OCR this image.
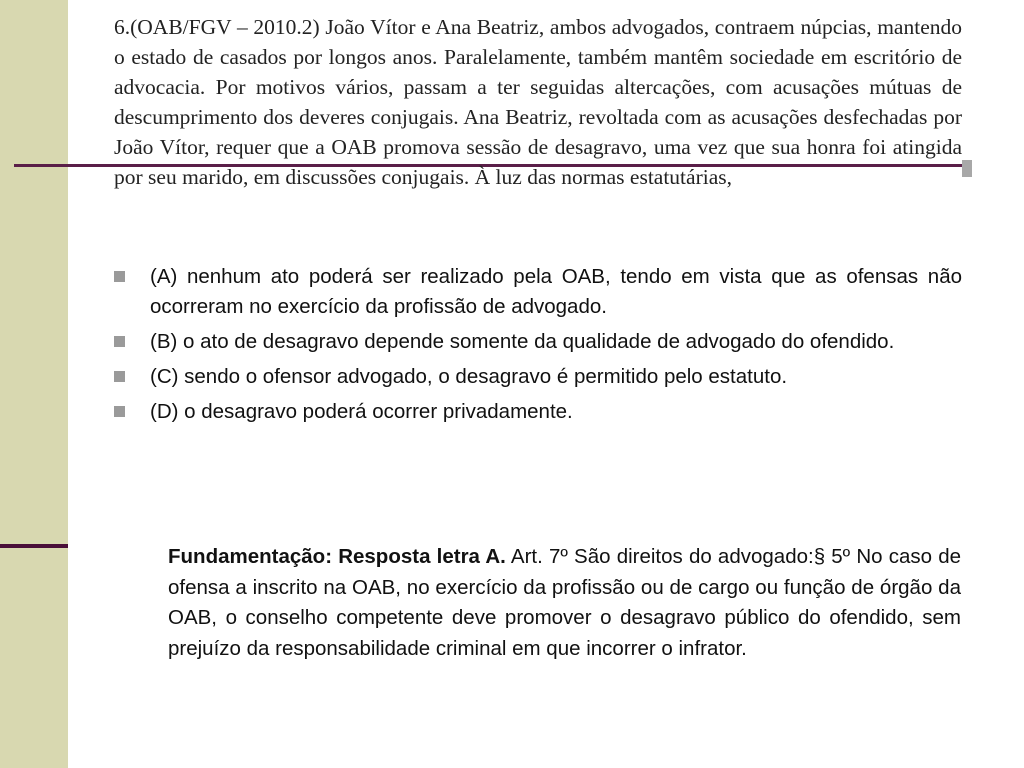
6.(OAB/FGV – 2010.2) João Vítor e Ana Beatriz, ambos advogados, contraem núpcias, mantendo o estado de casados por longos anos. Paralelamente, também mantêm sociedade em escritório de advocacia. Por motivos vários, passam a ter seguidas altercações, com acusações mútuas de descumprimento dos deveres conjugais. Ana Beatriz, revoltada com as acusações desfechadas por João Vítor, requer que a OAB promova sessão de desagravo, uma vez que sua honra foi atingida por seu marido, em discussões conjugais. À luz das normas estatutárias,

(A) nenhum ato poderá ser realizado pela OAB, tendo em vista que as ofensas não ocorreram no exercício da profissão de advogado.
(B) o ato de desagravo depende somente da qualidade de advogado do ofendido.
(C) sendo o ofensor advogado, o desagravo é permitido pelo estatuto.
(D) o desagravo poderá ocorrer privadamente.

Fundamentação: Resposta letra A. Art. 7º São direitos do advogado:§ 5º No caso de ofensa a inscrito na OAB, no exercício da profissão ou de cargo ou função de órgão da OAB, o conselho competente deve promover o desagravo público do ofendido, sem prejuízo da responsabilidade criminal em que incorrer o infrator.
